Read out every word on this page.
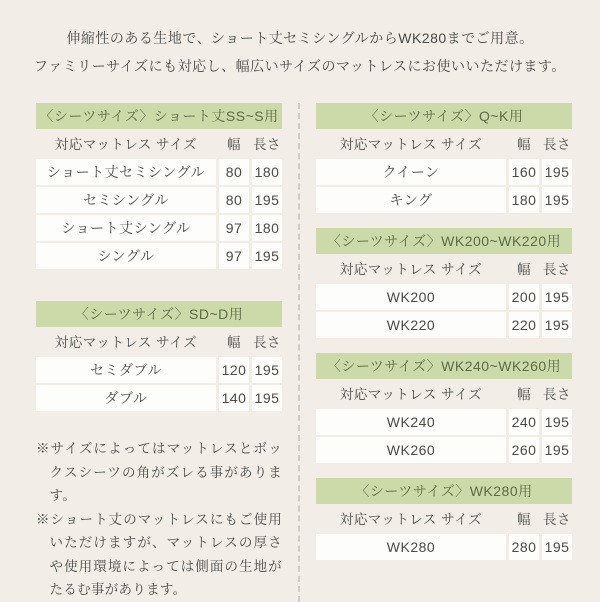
伸縮性のある生地で、ショート丈セミシングルからWK280までご用意。
ファミリーサイズにも対応し、幅広いサイズのマットレスにお使いいただけます。
〈シーツサイズ〉ショート丈SS~S用
対応マットレス サイズ	幅 長さ
ショート丈セミシングル	80 180
セミシングル	80 195
ショート丈シングル	97 180
シングル	97 195
〈シーツサイズ〉SD~D用
対応マットレス サイズ	幅 長さ
セミダブル	120 195
ダブル	140 195

※サイズによってはマットレスとボックスシーツの角がズレる事があります。

※ショート丈のマットレスにもご使用いただけますが、マットレスの厚さや使用環境によっては側面の生地がたるむ事があります。

〈シーツサイズ〉Q~K用
対応マットレス サイズ	幅 長さ
クイーン	160 195
キング	180 195
〈シーツサイズ〉WK200~WK220用
対応マットレス サイズ	幅 長さ
WK200	200 195
WK220	220 195
〈シーツサイズ〉WK240~WK260用
対応マットレス サイズ	幅 長さ
WK240	240 195
WK260	260 195
〈シーツサイズ〉WK280用
対応マットレス サイズ	幅 長さ
WK280	280 195
